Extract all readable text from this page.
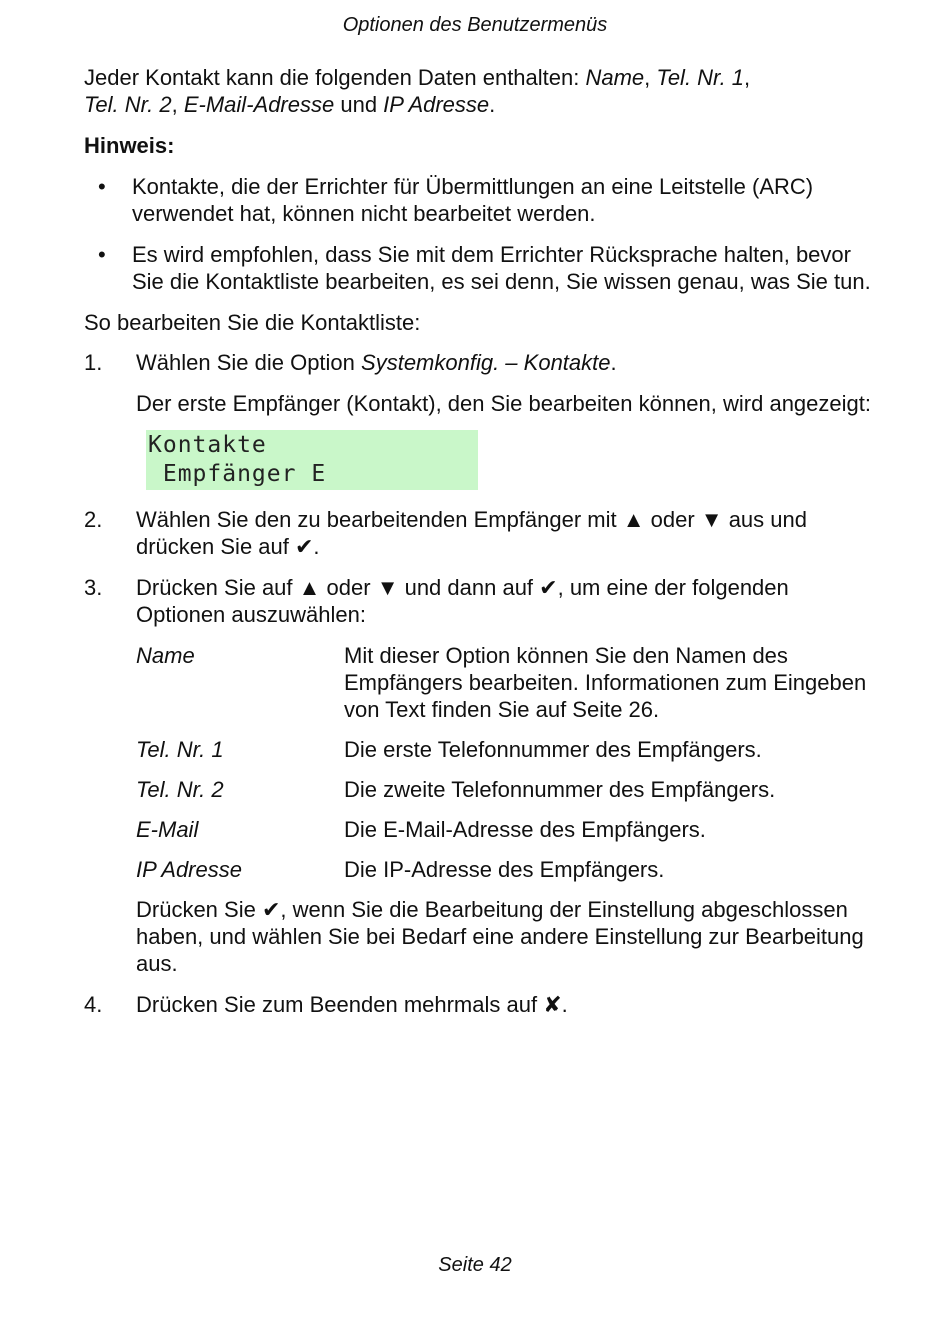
Optionen des Benutzermenüs

Jeder Kontakt kann die folgenden Daten enthalten: Name, Tel. Nr. 1,
Tel. Nr. 2, E-Mail-Adresse und IP Adresse.

Hinweis:

• Kontakte, die der Errichter für Übermittlungen an eine Leitstelle (ARC) verwendet hat, können nicht bearbeitet werden.
• Es wird empfohlen, dass Sie mit dem Errichter Rücksprache halten, bevor Sie die Kontaktliste bearbeiten, es sei denn, Sie wissen genau, was Sie tun.

So bearbeiten Sie die Kontaktliste:

1. Wählen Sie die Option Systemkonfig. – Kontakte.

Der erste Empfänger (Kontakt), den Sie bearbeiten können, wird angezeigt:

Kontakte
Empfänger E
2. Wählen Sie den zu bearbeitenden Empfänger mit ▲ oder ▼ aus und drücken Sie auf ✔.

3. Drücken Sie auf ▲ oder ▼ und dann auf ✔, um eine der folgenden Optionen auszuwählen:

Name	Mit dieser Option können Sie den Namen des Empfängers bearbeiten. Informationen zum Eingeben von Text finden Sie auf Seite 26.
Tel. Nr. 1	Die erste Telefonnummer des Empfängers.
Tel. Nr. 2	Die zweite Telefonnummer des Empfängers.
E-Mail	Die E-Mail-Adresse des Empfängers.
IP Adresse	Die IP-Adresse des Empfängers.

Drücken Sie ✔, wenn Sie die Bearbeitung der Einstellung abgeschlossen haben, und wählen Sie bei Bedarf eine andere Einstellung zur Bearbeitung aus.

4. Drücken Sie zum Beenden mehrmals auf ✘.

Seite 42
